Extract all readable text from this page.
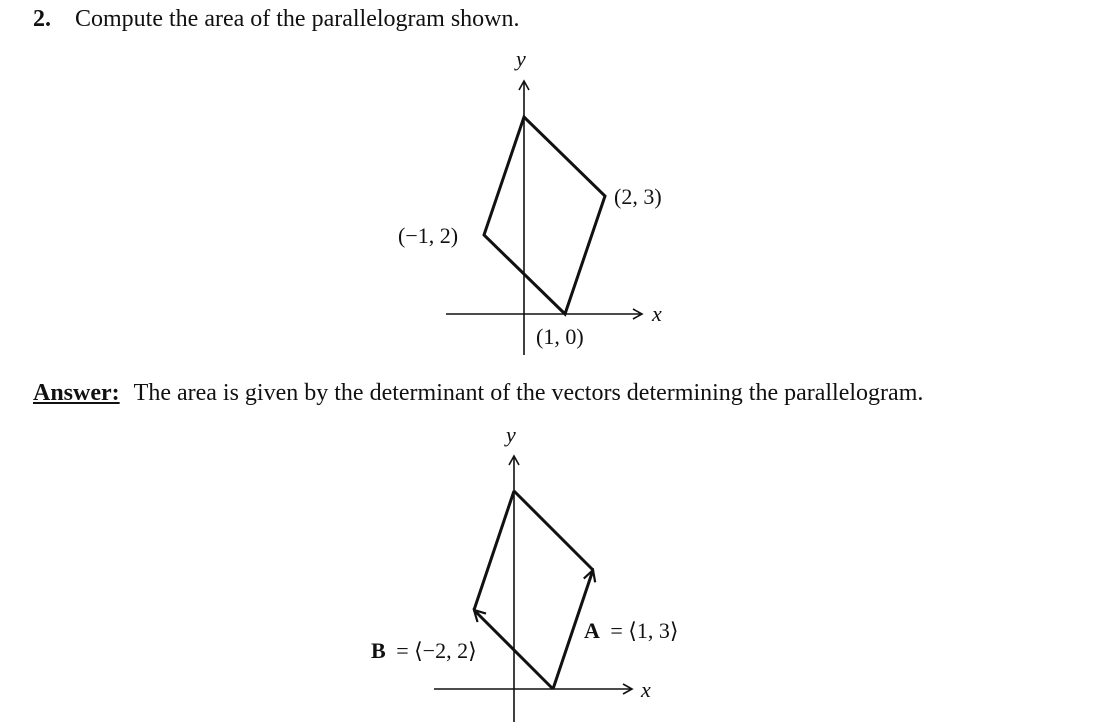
2. Compute the area of the parallelogram shown.
Answer: The area is given by the determinant of the vectors determining the parallelogram.
y
x
(−1, 2)
(2, 3)
(1, 0)
y
x
A = ⟨1, 3⟩
B = ⟨−2, 2⟩
